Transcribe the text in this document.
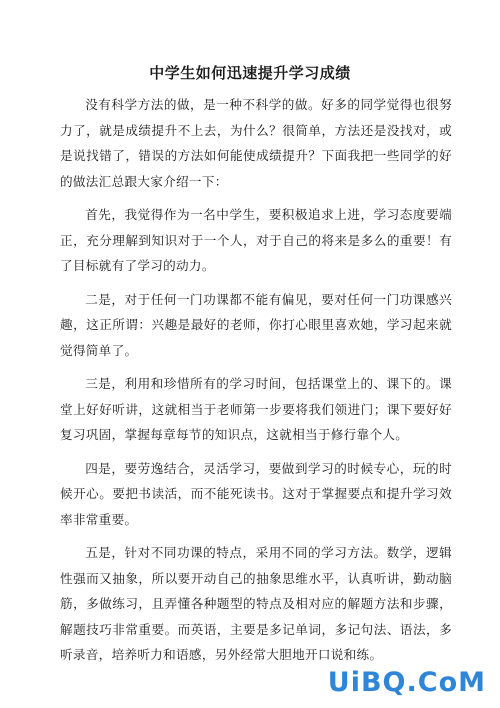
中学生如何迅速提升学习成绩

没有科学方法的做，是一种不科学的做。好多的同学觉得也很努力了，就是成绩提升不上去，为什么？很简单，方法还是没找对，或是说找错了，错误的方法如何能使成绩提升？下面我把一些同学的好的做法汇总跟大家介绍一下：

首先，我觉得作为一名中学生，要积极追求上进，学习态度要端正，充分理解到知识对于一个人，对于自己的将来是多么的重要！有了目标就有了学习的动力。

二是，对于任何一门功课都不能有偏见，要对任何一门功课感兴趣，这正所谓：兴趣是最好的老师，你打心眼里喜欢她，学习起来就觉得简单了。

三是，利用和珍惜所有的学习时间，包括课堂上的、课下的。课堂上好好听讲，这就相当于老师第一步要将我们领进门；课下要好好复习巩固，掌握每章每节的知识点，这就相当于修行靠个人。

四是，要劳逸结合，灵活学习，要做到学习的时候专心，玩的时候开心。要把书读活，而不能死读书。这对于掌握要点和提升学习效率非常重要。

五是，针对不同功课的特点，采用不同的学习方法。数学，逻辑性强而又抽象，所以要开动自己的抽象思维水平，认真听讲，勤动脑筋，多做练习，且弄懂各种题型的特点及相对应的解题方法和步骤，解题技巧非常重要。而英语，主要是多记单词，多记句法、语法，多听录音，培养听力和语感，另外经常大胆地开口说和练。

UiBQ.CoM
